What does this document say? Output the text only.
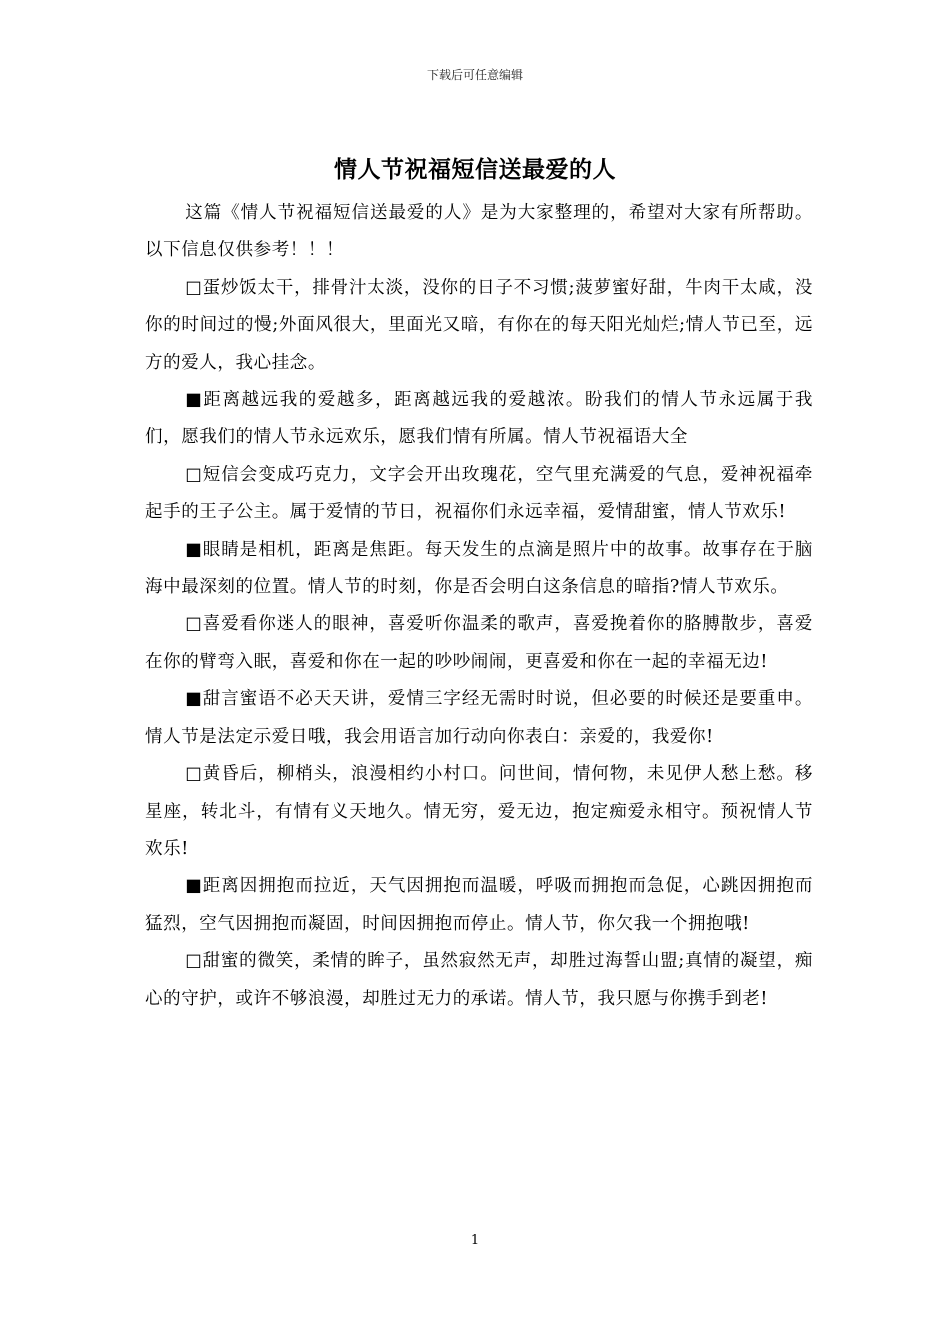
下载后可任意编辑
情人节祝福短信送最爱的人

这篇《情人节祝福短信送最爱的人》是为大家整理的，希望对大家有所帮助。以下信息仅供参考！！！

□蛋炒饭太干，排骨汁太淡，没你的日子不习惯;菠萝蜜好甜，牛肉干太咸，没你的时间过的慢;外面风很大，里面光又暗，有你在的每天阳光灿烂;情人节已至，远方的爱人，我心挂念。

■距离越远我的爱越多，距离越远我的爱越浓。盼我们的情人节永远属于我们，愿我们的情人节永远欢乐，愿我们情有所属。情人节祝福语大全

□短信会变成巧克力，文字会开出玫瑰花，空气里充满爱的气息，爱神祝福牵起手的王子公主。属于爱情的节日，祝福你们永远幸福，爱情甜蜜，情人节欢乐!

■眼睛是相机，距离是焦距。每天发生的点滴是照片中的故事。故事存在于脑海中最深刻的位置。情人节的时刻，你是否会明白这条信息的暗指?情人节欢乐。

□喜爱看你迷人的眼神，喜爱听你温柔的歌声，喜爱挽着你的胳膊散步，喜爱在你的臂弯入眠，喜爱和你在一起的吵吵闹闹，更喜爱和你在一起的幸福无边!

■甜言蜜语不必天天讲，爱情三字经无需时时说，但必要的时候还是要重申。情人节是法定示爱日哦，我会用语言加行动向你表白：亲爱的，我爱你!

□黄昏后，柳梢头，浪漫相约小村口。问世间，情何物，未见伊人愁上愁。移星座，转北斗，有情有义天地久。情无穷，爱无边，抱定痴爱永相守。预祝情人节欢乐!

■距离因拥抱而拉近，天气因拥抱而温暖，呼吸而拥抱而急促，心跳因拥抱而猛烈，空气因拥抱而凝固，时间因拥抱而停止。情人节，你欠我一个拥抱哦!

□甜蜜的微笑，柔情的眸子，虽然寂然无声，却胜过海誓山盟;真情的凝望，痴心的守护，或许不够浪漫，却胜过无力的承诺。情人节，我只愿与你携手到老!

1
